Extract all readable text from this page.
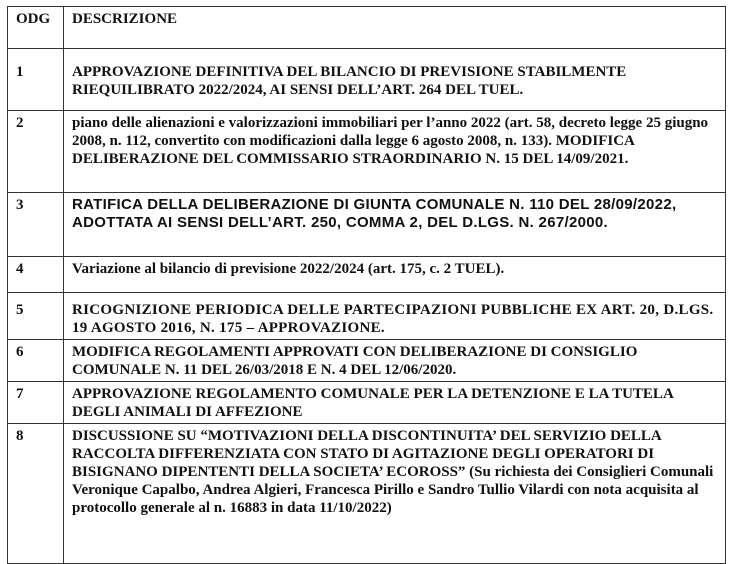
ODG	DESCRIZIONE
1	APPROVAZIONE DEFINITIVA DEL BILANCIO DI PREVISIONE STABILMENTE RIEQUILIBRATO 2022/2024, AI SENSI DELL’ART. 264 DEL TUEL.
2	piano delle alienazioni e valorizzazioni immobiliari per l’anno 2022 (art. 58, decreto legge 25 giugno 2008, n. 112, convertito con modificazioni dalla legge 6 agosto 2008, n. 133). MODIFICA DELIBERAZIONE DEL COMMISSARIO STRAORDINARIO N. 15 DEL 14/09/2021.
3	RATIFICA DELLA DELIBERAZIONE DI GIUNTA COMUNALE N. 110 DEL 28/09/2022, ADOTTATA AI SENSI DELL’ART. 250, COMMA 2, DEL D.LGS. N. 267/2000.
4	Variazione al bilancio di previsione 2022/2024 (art. 175, c. 2 TUEL).
5	RICOGNIZIONE PERIODICA DELLE PARTECIPAZIONI PUBBLICHE EX ART. 20, D.LGS. 19 AGOSTO 2016, N. 175 – APPROVAZIONE.
6	MODIFICA REGOLAMENTI APPROVATI CON DELIBERAZIONE DI CONSIGLIO COMUNALE N. 11 DEL 26/03/2018 E N. 4 DEL 12/06/2020.
7	APPROVAZIONE REGOLAMENTO COMUNALE PER LA DETENZIONE E LA TUTELA DEGLI ANIMALI DI AFFEZIONE
8	DISCUSSIONE SU “MOTIVAZIONI DELLA DISCONTINUITA’ DEL SERVIZIO DELLA RACCOLTA DIFFERENZIATA CON STATO DI AGITAZIONE DEGLI OPERATORI DI BISIGNANO DIPENTENTI DELLA SOCIETA’ ECOROSS” (Su richiesta dei Consiglieri Comunali Veronique Capalbo, Andrea Algieri, Francesca Pirillo e Sandro Tullio Vilardi con nota acquisita al protocollo generale al n. 16883 in data 11/10/2022)
